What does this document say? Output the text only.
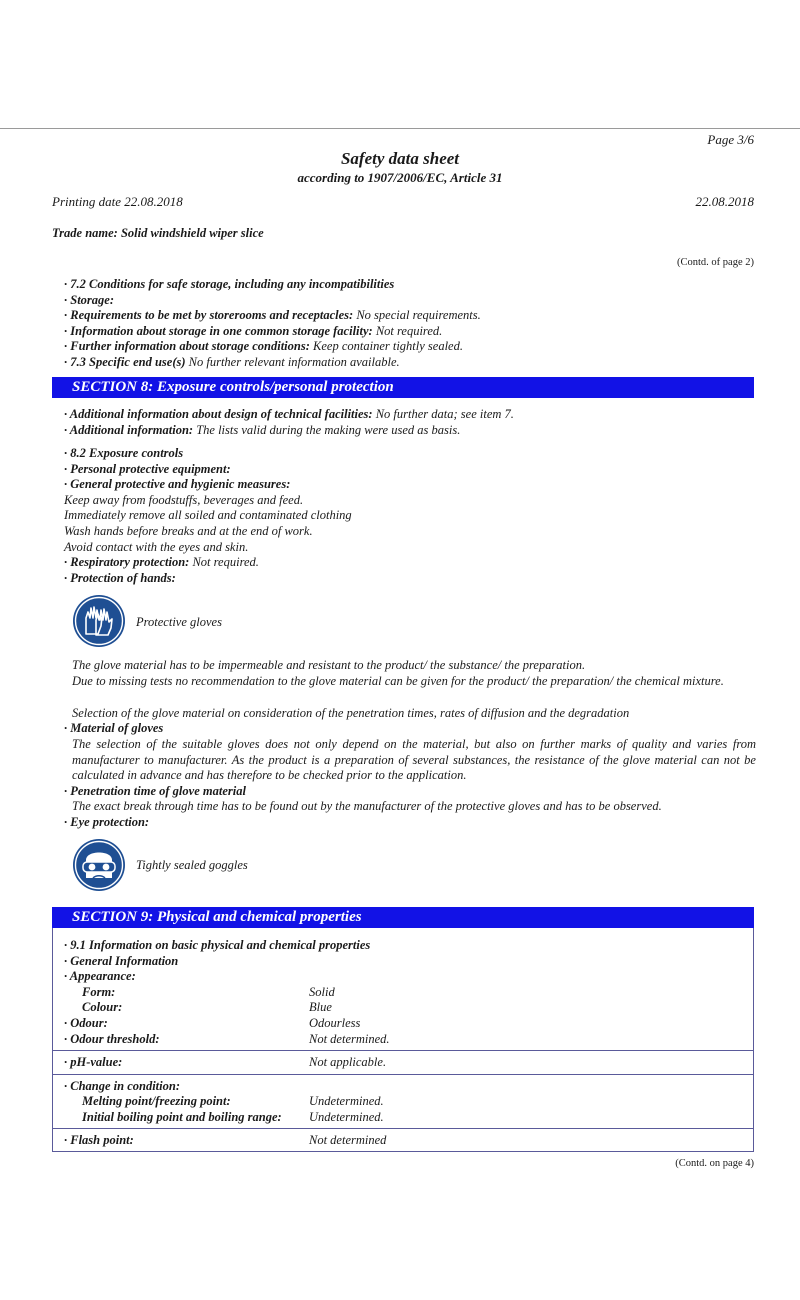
Page 3/6
Safety data sheet
according to 1907/2006/EC, Article 31
Printing date 22.08.2018	22.08.2018
Trade name: Solid windshield wiper slice
(Contd. of page 2)
· 7.2 Conditions for safe storage, including any incompatibilities
· Storage:
· Requirements to be met by storerooms and receptacles: No special requirements.
· Information about storage in one common storage facility: Not required.
· Further information about storage conditions: Keep container tightly sealed.
· 7.3 Specific end use(s) No further relevant information available.
SECTION 8: Exposure controls/personal protection
· Additional information about design of technical facilities: No further data; see item 7.
· Additional information: The lists valid during the making were used as basis.
· 8.2 Exposure controls
· Personal protective equipment:
· General protective and hygienic measures:
Keep away from foodstuffs, beverages and feed.
Immediately remove all soiled and contaminated clothing
Wash hands before breaks and at the end of work.
Avoid contact with the eyes and skin.
· Respiratory protection: Not required.
· Protection of hands:
Protective gloves
The glove material has to be impermeable and resistant to the product/ the substance/ the preparation.
Due to missing tests no recommendation to the glove material can be given for the product/ the preparation/ the chemical mixture.
Selection of the glove material on consideration of the penetration times, rates of diffusion and the degradation
· Material of gloves
The selection of the suitable gloves does not only depend on the material, but also on further marks of quality and varies from manufacturer to manufacturer. As the product is a preparation of several substances, the resistance of the glove material can not be calculated in advance and has therefore to be checked prior to the application.
· Penetration time of glove material
The exact break through time has to be found out by the manufacturer of the protective gloves and has to be observed.
· Eye protection:
Tightly sealed goggles
SECTION 9: Physical and chemical properties
· 9.1 Information on basic physical and chemical properties
· General Information
· Appearance:
Form:	Solid
Colour:	Blue
· Odour:	Odourless
· Odour threshold:	Not determined.
· pH-value:	Not applicable.
· Change in condition:
Melting point/freezing point:	Undetermined.
Initial boiling point and boiling range: Undetermined.
· Flash point:	Not determined
(Contd. on page 4)
